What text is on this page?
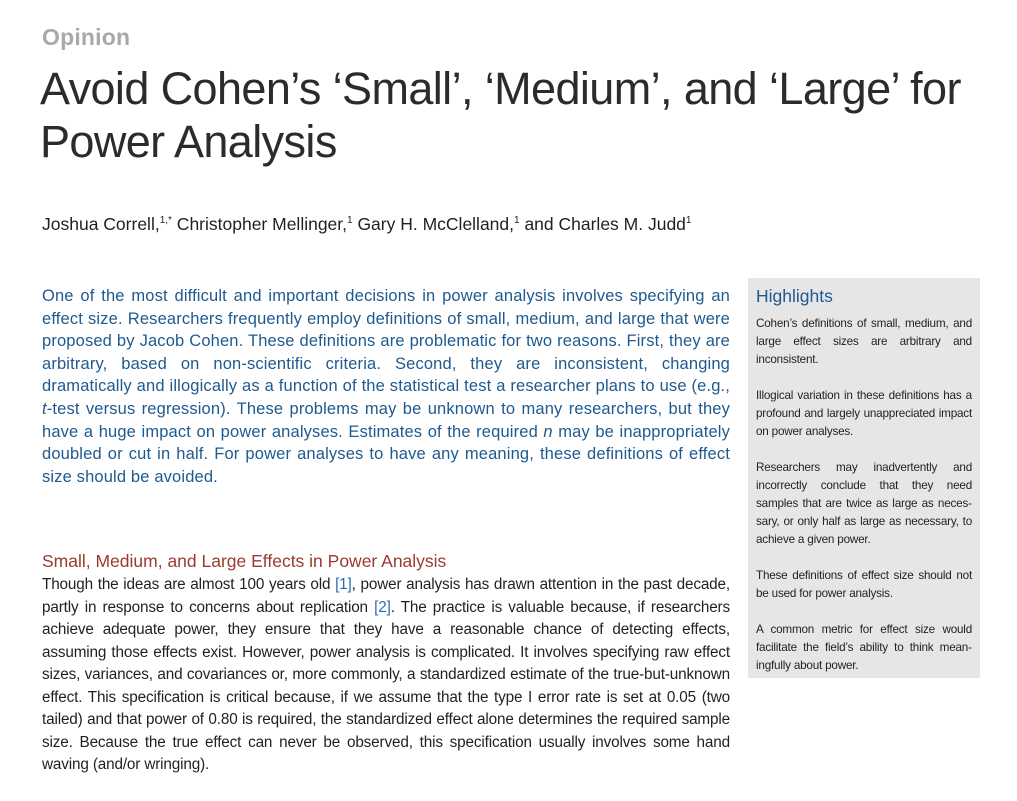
Opinion
Avoid Cohen’s ‘Small’, ‘Medium’, and ‘Large’ for Power Analysis
Joshua Correll,$^{1,*}$ Christopher Mellinger,$^1$ Gary H. McClelland,$^1$ and Charles M. Judd$^1$

One of the most difficult and important decisions in power analysis involves specifying an effect size. Researchers frequently employ definitions of small, medium, and large that were proposed by Jacob Cohen. These definitions are problematic for two reasons. First, they are arbitrary, based on non-scientific criteria. Second, they are inconsistent, changing dramatically and illogically as a function of the statistical test a researcher plans to use (e.g., t-test versus regression). These problems may be unknown to many researchers, but they have a huge impact on power analyses. Estimates of the required n may be inappropriately doubled or cut in half. For power analyses to have any meaning, these definitions of effect size should be avoided.

Small, Medium, and Large Effects in Power Analysis

Though the ideas are almost 100 years old [1], power analysis has drawn attention in the past decade, partly in response to concerns about replication [2]. The practice is valuable because, if researchers achieve adequate power, they ensure that they have a reasonable chance of detecting effects, assuming those effects exist. However, power analysis is complicated. It involves specifying raw effect sizes, variances, and covariances or, more commonly, a standardized estimate of the true-but-unknown effect. This specification is critical because, if we assume that the type I error rate is set at 0.05 (two tailed) and that power of 0.80 is required, the standardized effect alone determines the required sample size. Because the true effect can never be observed, this specification usually involves some hand waving (and/or wringing).

Highlights

Cohen’s definitions of small, medium, and large effect sizes are arbitrary and inconsistent.

Illogical variation in these definitions has a profound and largely unappreciated impact on power analyses.

Researchers may inadvertently and incorrectly conclude that they need samples that are twice as large as necessary, or only half as large as necessary, to achieve a given power.

These definitions of effect size should not be used for power analysis.

A common metric for effect size would facilitate the field’s ability to think meaningfully about power.
